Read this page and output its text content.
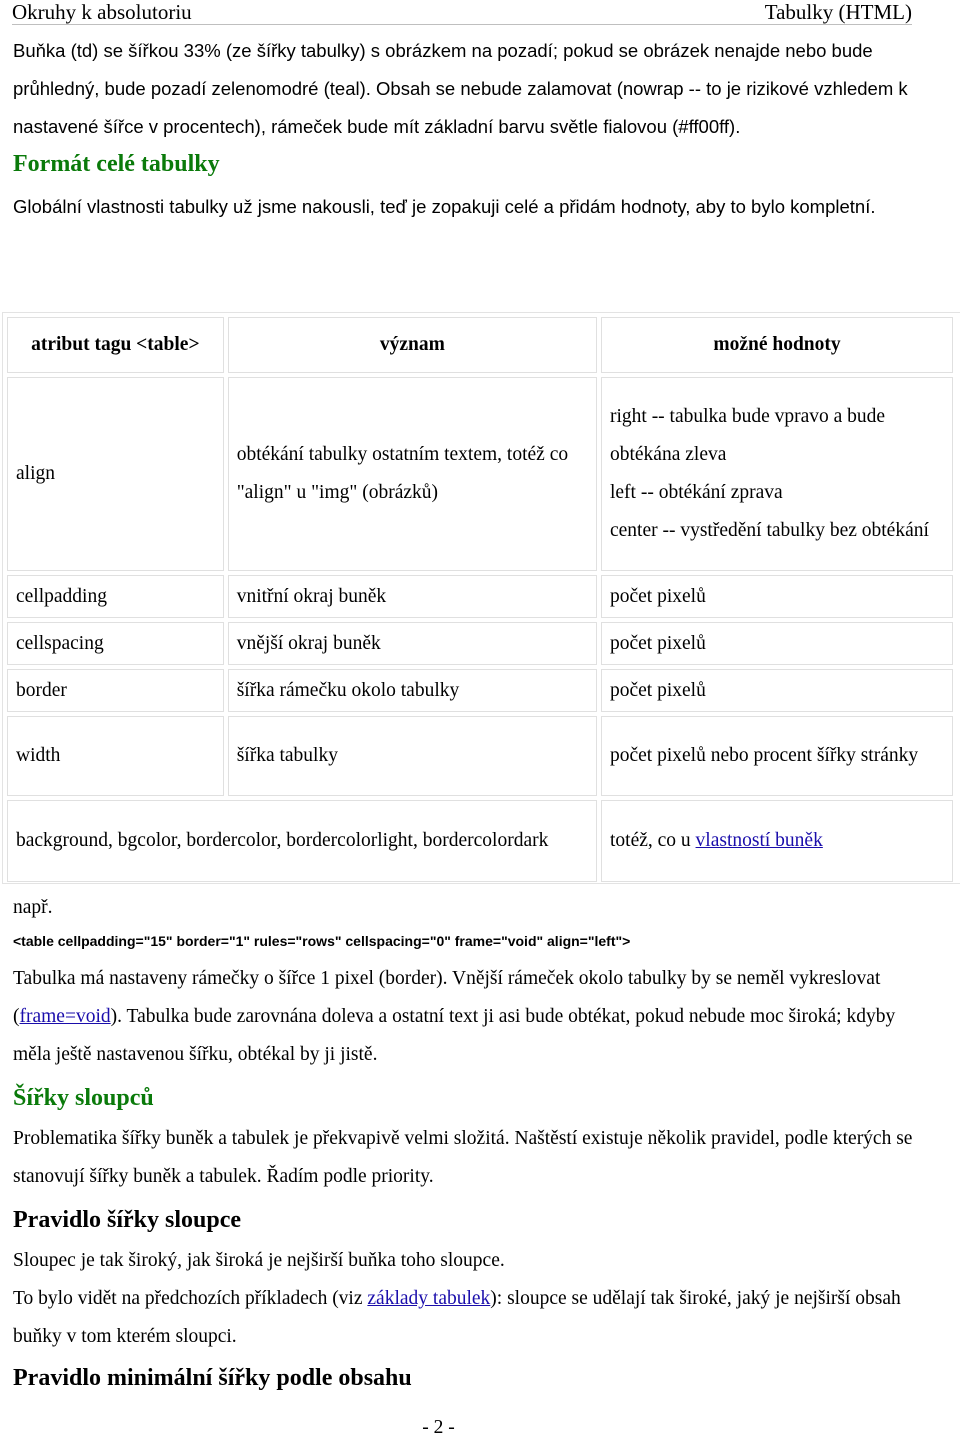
Okruhy k absolutoriu	Tabulky (HTML)

Buňka (td) se šířkou 33% (ze šířky tabulky) s obrázkem na pozadí; pokud se obrázek nenajde nebo bude průhledný, bude pozadí zelenomodré (teal). Obsah se nebude zalamovat (nowrap -- to je rizikové vzhledem k nastavené šířce v procentech), rámeček bude mít základní barvu světle fialovou (#ff00ff).

Formát celé tabulky

Globální vlastnosti tabulky už jsme nakousli, teď je zopakuji celé a přidám hodnoty, aby to bylo kompletní.

atribut tagu <table>	význam	možné hodnoty
align	obtékání tabulky ostatním textem, totéž co "align" u "img" (obrázků)	right -- tabulka bude vpravo a bude obtékána zleva
left -- obtékání zprava
center -- vystředění tabulky bez obtékání

cellpadding	vnitřní okraj buněk	počet pixelů
cellspacing	vnější okraj buněk	počet pixelů
border	šířka rámečku okolo tabulky	počet pixelů
width	šířka tabulky	počet pixelů nebo procent šířky stránky
background, bgcolor, bordercolor, bordercolorlight, bordercolordark		totéž, co u vlastností buněk

např.

<table cellpadding="15" border="1" rules="rows" cellspacing="0" frame="void" align="left">

Tabulka má nastaveny rámečky o šířce 1 pixel (border). Vnější rámeček okolo tabulky by se neměl vykreslovat (frame=void). Tabulka bude zarovnána doleva a ostatní text ji asi bude obtékat, pokud nebude moc široká; kdyby měla ještě nastavenou šířku, obtékal by ji jistě.

Šířky sloupců

Problematika šířky buněk a tabulek je překvapivě velmi složitá. Naštěstí existuje několik pravidel, podle kterých se stanovují šířky buněk a tabulek. Řadím podle priority.

Pravidlo šířky sloupce

Sloupec je tak široký, jak široká je nejširší buňka toho sloupce.

To bylo vidět na předchozích příkladech (viz základy tabulek): sloupce se udělají tak široké, jaký je nejširší obsah buňky v tom kterém sloupci.

Pravidlo minimální šířky podle obsahu
- 2 -
